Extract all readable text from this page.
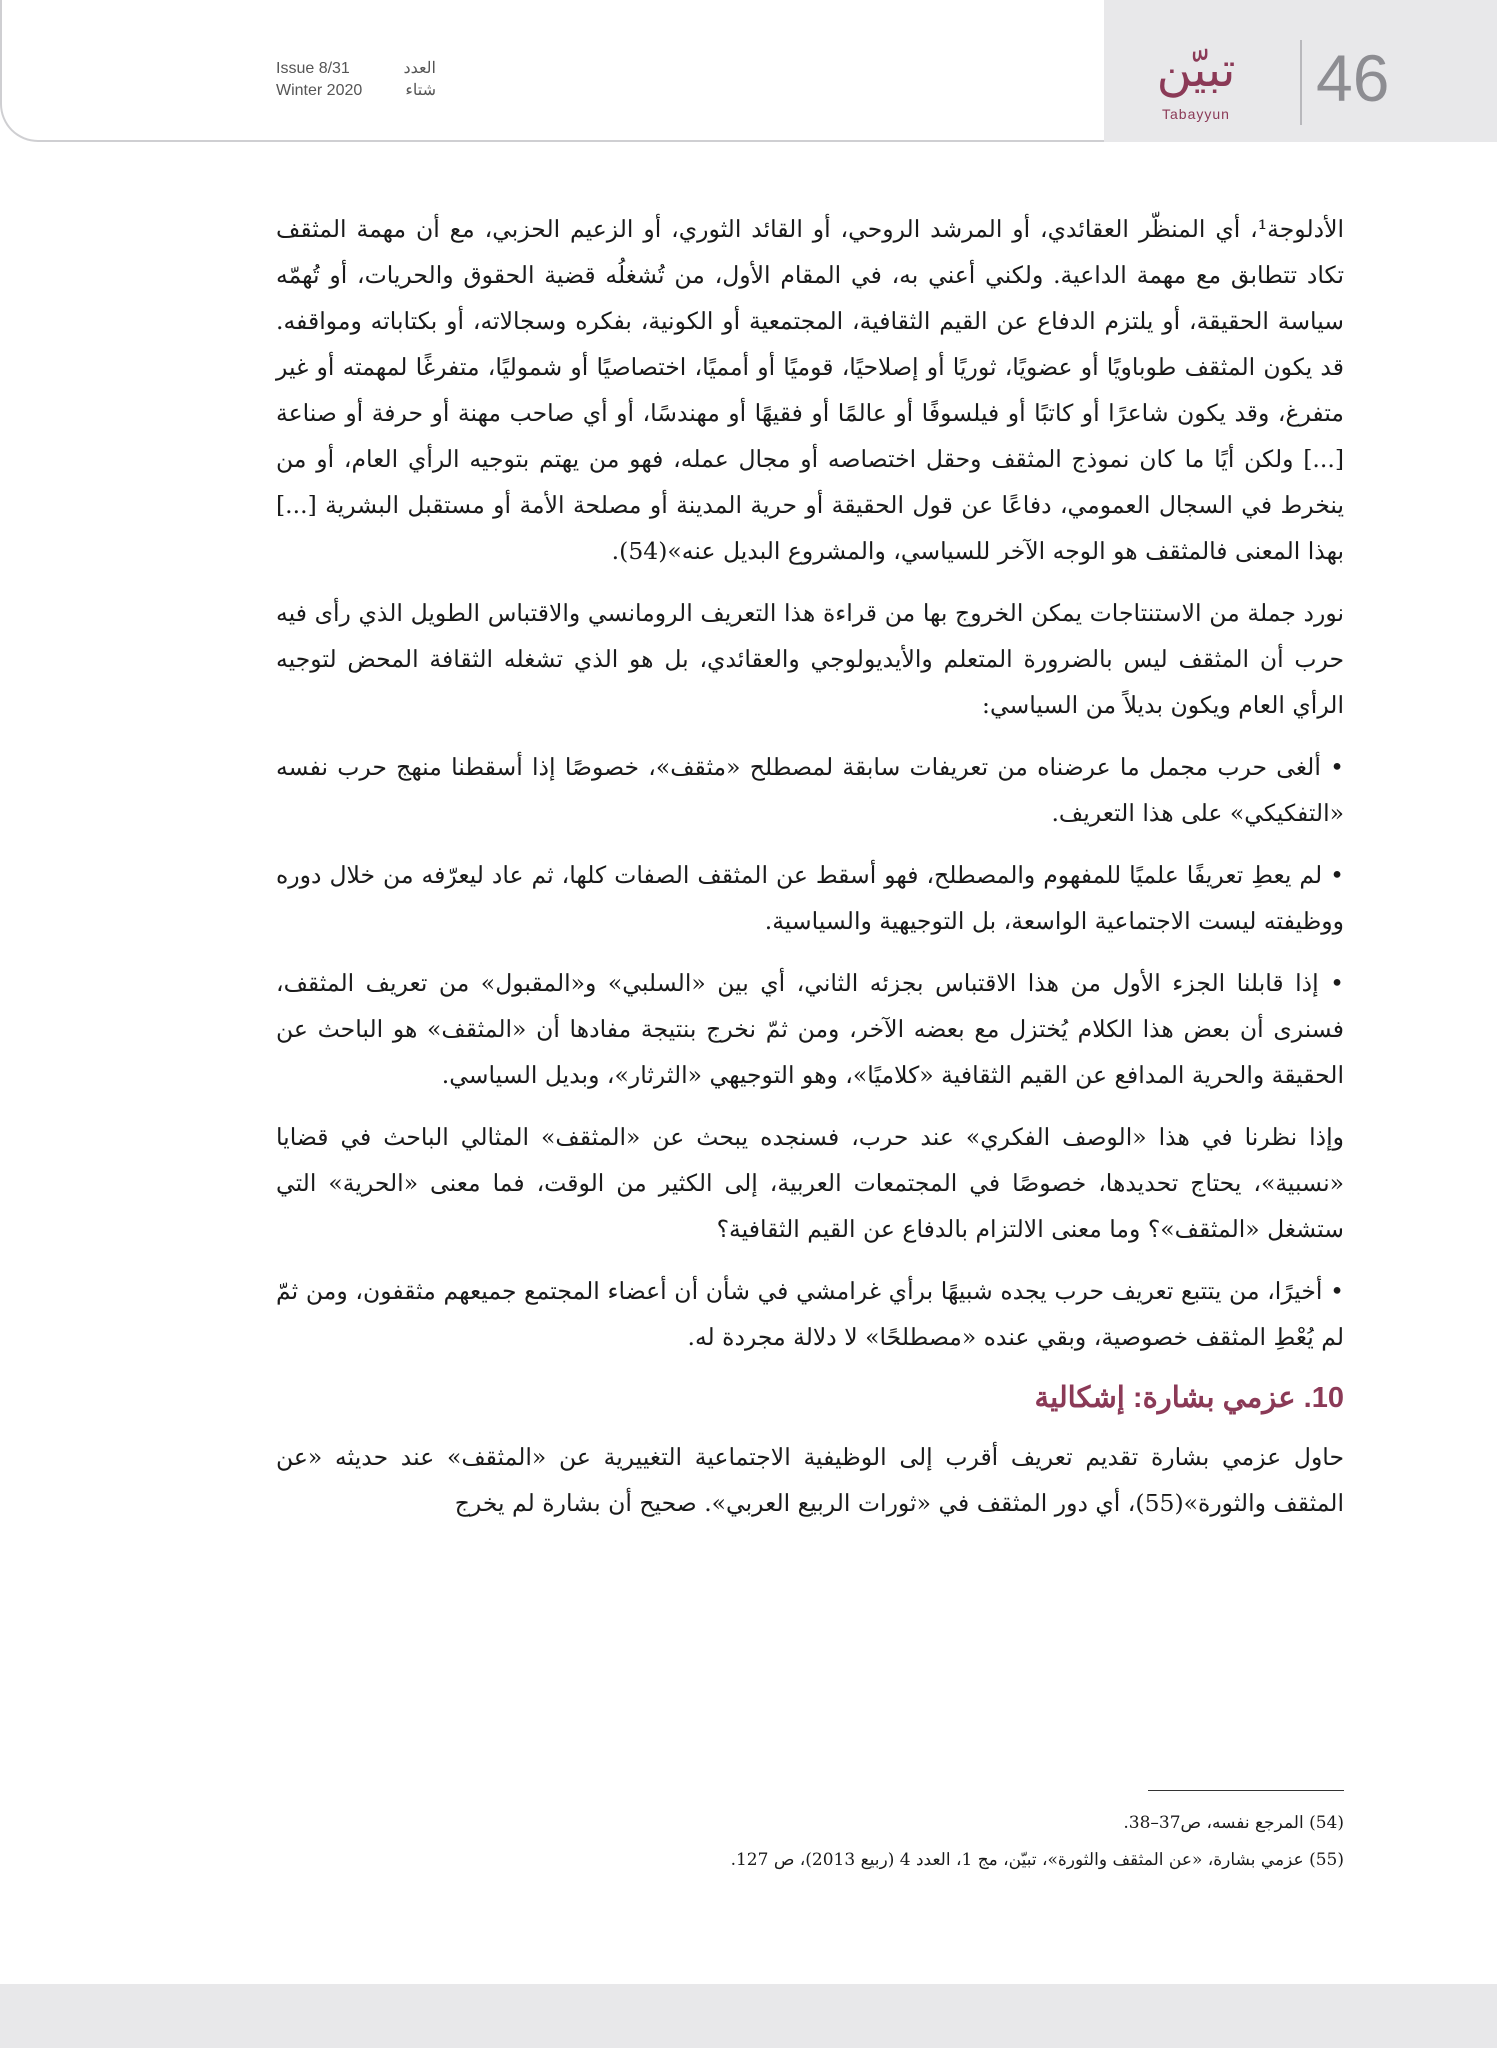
Issue 8/31	العدد
Winter 2020	شتاء	تبيّن
Tabayyun 46

الأدلوجة¹، أي المنظّر العقائدي، أو المرشد الروحي، أو القائد الثوري، أو الزعيم الحزبي، مع أن مهمة المثقف تكاد تتطابق مع مهمة الداعية. ولكني أعني به، في المقام الأول، من تُشغلُه قضية الحقوق والحريات، أو تُهمّه سياسة الحقيقة، أو يلتزم الدفاع عن القيم الثقافية، المجتمعية أو الكونية، بفكره وسجالاته، أو بكتاباته ومواقفه. قد يكون المثقف طوباويًا أو عضويًا، ثوريًا أو إصلاحيًا، قوميًا أو أمميًا، اختصاصيًا أو شموليًا، متفرغًا لمهمته أو غير متفرغ، وقد يكون شاعرًا أو كاتبًا أو فيلسوفًا أو عالمًا أو فقيهًا أو مهندسًا، أو أي صاحب مهنة أو حرفة أو صناعة [...] ولكن أيًا ما كان نموذج المثقف وحقل اختصاصه أو مجال عمله، فهو من يهتم بتوجيه الرأي العام، أو من ينخرط في السجال العمومي، دفاعًا عن قول الحقيقة أو حرية المدينة أو مصلحة الأمة أو مستقبل البشرية [...] بهذا المعنى فالمثقف هو الوجه الآخر للسياسي، والمشروع البديل عنه»(54).

نورد جملة من الاستنتاجات يمكن الخروج بها من قراءة هذا التعريف الرومانسي والاقتباس الطويل الذي رأى فيه حرب أن المثقف ليس بالضرورة المتعلم والأيديولوجي والعقائدي، بل هو الذي تشغله الثقافة المحض لتوجيه الرأي العام ويكون بديلاً من السياسي:

• ألغى حرب مجمل ما عرضناه من تعريفات سابقة لمصطلح «مثقف»، خصوصًا إذا أسقطنا منهج حرب نفسه «التفكيكي» على هذا التعريف.

• لم يعطِ تعريفًا علميًا للمفهوم والمصطلح، فهو أسقط عن المثقف الصفات كلها، ثم عاد ليعرّفه من خلال دوره ووظيفته ليست الاجتماعية الواسعة، بل التوجيهية والسياسية.

• إذا قابلنا الجزء الأول من هذا الاقتباس بجزئه الثاني، أي بين «السلبي» و«المقبول» من تعريف المثقف، فسنرى أن بعض هذا الكلام يُختزل مع بعضه الآخر، ومن ثمّ نخرج بنتيجة مفادها أن «المثقف» هو الباحث عن الحقيقة والحرية المدافع عن القيم الثقافية «كلاميًا»، وهو التوجيهي «الثرثار»، وبديل السياسي.

وإذا نظرنا في هذا «الوصف الفكري» عند حرب، فسنجده يبحث عن «المثقف» المثالي الباحث في قضايا «نسبية»، يحتاج تحديدها، خصوصًا في المجتمعات العربية، إلى الكثير من الوقت، فما معنى «الحرية» التي ستشغل «المثقف»؟ وما معنى الالتزام بالدفاع عن القيم الثقافية؟

• أخيرًا، من يتتبع تعريف حرب يجده شبيهًا برأي غرامشي في شأن أن أعضاء المجتمع جميعهم مثقفون، ومن ثمّ لم يُعْطِ المثقف خصوصية، وبقي عنده «مصطلحًا» لا دلالة مجردة له.

10. عزمي بشارة: إشكالية

حاول عزمي بشارة تقديم تعريف أقرب إلى الوظيفية الاجتماعية التغييرية عن «المثقف» عند حديثه «عن المثقف والثورة»(55)، أي دور المثقف في «ثورات الربيع العربي». صحيح أن بشارة لم يخرج

(54) المرجع نفسه، ص37–38.

(55) عزمي بشارة، «عن المثقف والثورة»، تبيّن، مج 1، العدد 4 (ربيع 2013)، ص 127.
